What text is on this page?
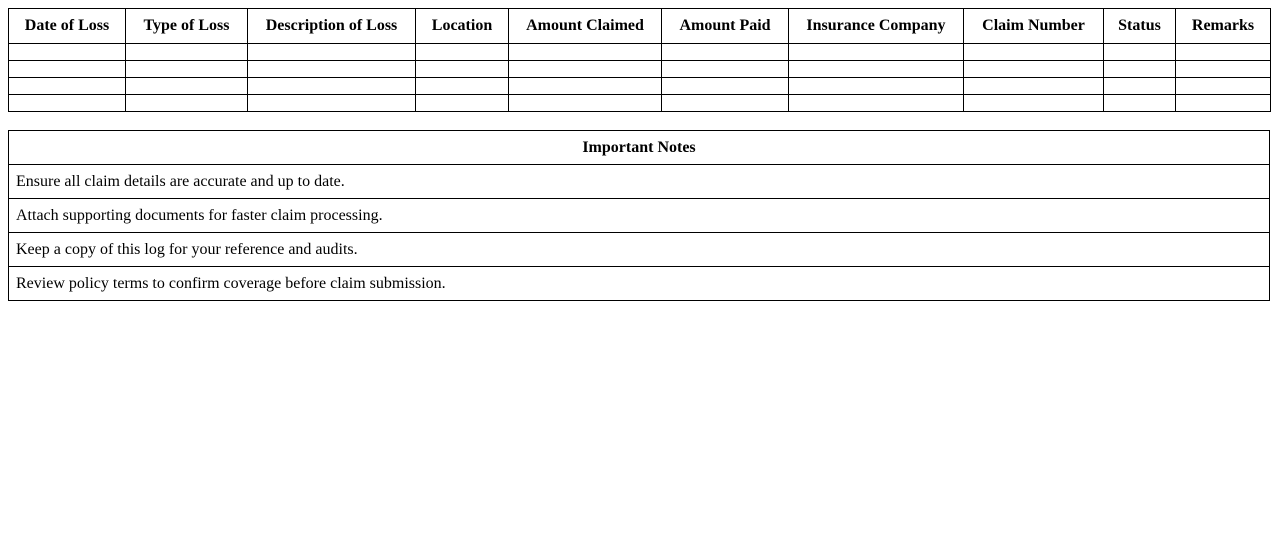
Date of Loss	Type of Loss	Description of Loss	Location	Amount Claimed	Amount Paid	Insurance Company	Claim Number	Status	Remarks

Important Notes
Ensure all claim details are accurate and up to date.
Attach supporting documents for faster claim processing.
Keep a copy of this log for your reference and audits.
Review policy terms to confirm coverage before claim submission.
